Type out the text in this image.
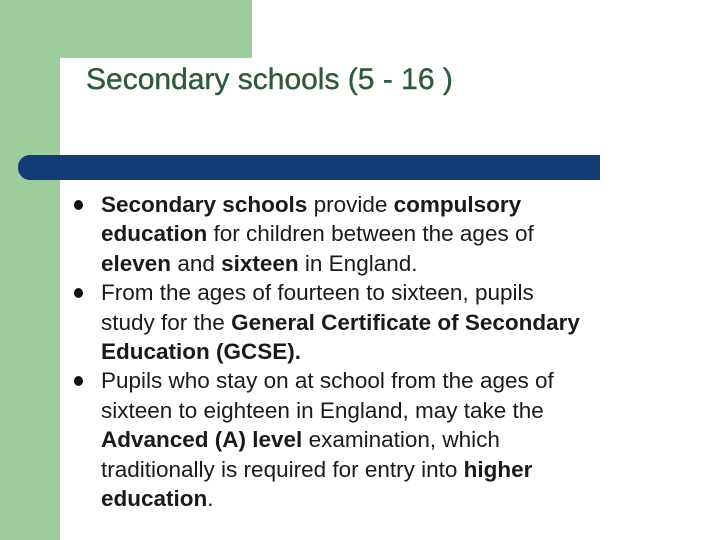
Secondary schools (5 - 16 )
Secondary schools provide compulsory
education for children between the ages of
eleven and sixteen in England.
From the ages of fourteen to sixteen, pupils
study for the General Certificate of Secondary
Education (GCSE).
Pupils who stay on at school from the ages of
sixteen to eighteen in England, may take the
Advanced (A) level examination, which
traditionally is required for entry into higher
education.
